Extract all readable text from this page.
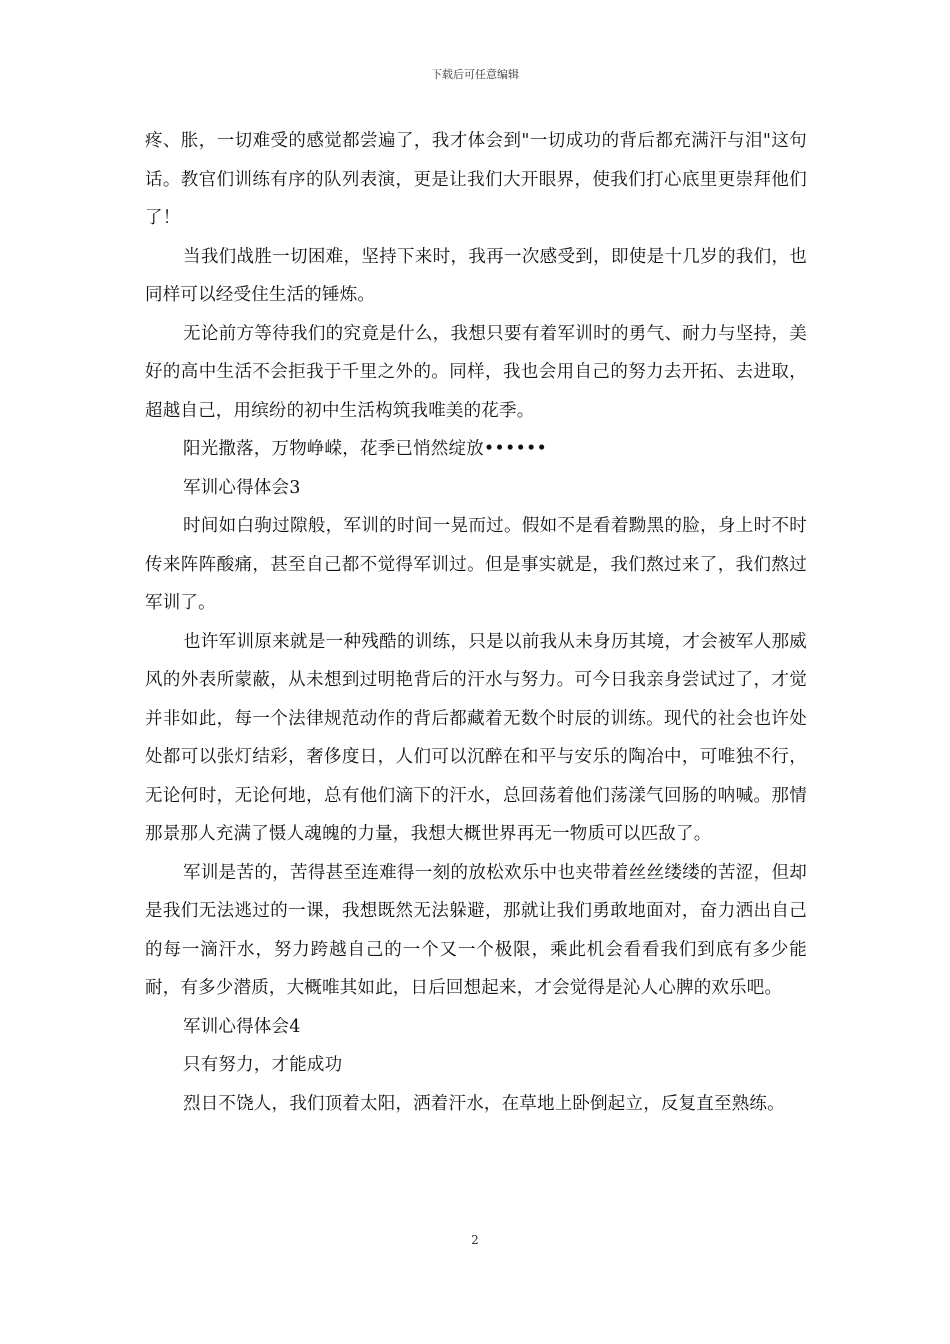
下载后可任意编辑

疼、胀，一切难受的感觉都尝遍了，我才体会到"一切成功的背后都充满汗与泪"这句话。教官们训练有序的队列表演，更是让我们大开眼界，使我们打心底里更崇拜他们了！

当我们战胜一切困难，坚持下来时，我再一次感受到，即使是十几岁的我们，也同样可以经受住生活的锤炼。

无论前方等待我们的究竟是什么，我想只要有着军训时的勇气、耐力与坚持，美好的高中生活不会拒我于千里之外的。同样，我也会用自己的努力去开拓、去进取，超越自己，用缤纷的初中生活构筑我唯美的花季。

阳光撒落，万物峥嵘，花季已悄然绽放••••••

军训心得体会3

时间如白驹过隙般，军训的时间一晃而过。假如不是看着黝黑的脸，身上时不时传来阵阵酸痛，甚至自己都不觉得军训过。但是事实就是，我们熬过来了，我们熬过军训了。

也许军训原来就是一种残酷的训练，只是以前我从未身历其境，才会被军人那威风的外表所蒙蔽，从未想到过明艳背后的汗水与努力。可今日我亲身尝试过了，才觉并非如此，每一个法律规范动作的背后都藏着无数个时辰的训练。现代的社会也许处处都可以张灯结彩，奢侈度日，人们可以沉醉在和平与安乐的陶冶中，可唯独不行，无论何时，无论何地，总有他们滴下的汗水，总回荡着他们荡漾气回肠的呐喊。那情那景那人充满了慑人魂魄的力量，我想大概世界再无一物质可以匹敌了。

军训是苦的，苦得甚至连难得一刻的放松欢乐中也夹带着丝丝缕缕的苦涩，但却是我们无法逃过的一课，我想既然无法躲避，那就让我们勇敢地面对，奋力洒出自己的每一滴汗水，努力跨越自己的一个又一个极限，乘此机会看看我们到底有多少能耐，有多少潜质，大概唯其如此，日后回想起来，才会觉得是沁人心脾的欢乐吧。

军训心得体会4

只有努力，才能成功

烈日不饶人，我们顶着太阳，洒着汗水，在草地上卧倒起立，反复直至熟练。

2
